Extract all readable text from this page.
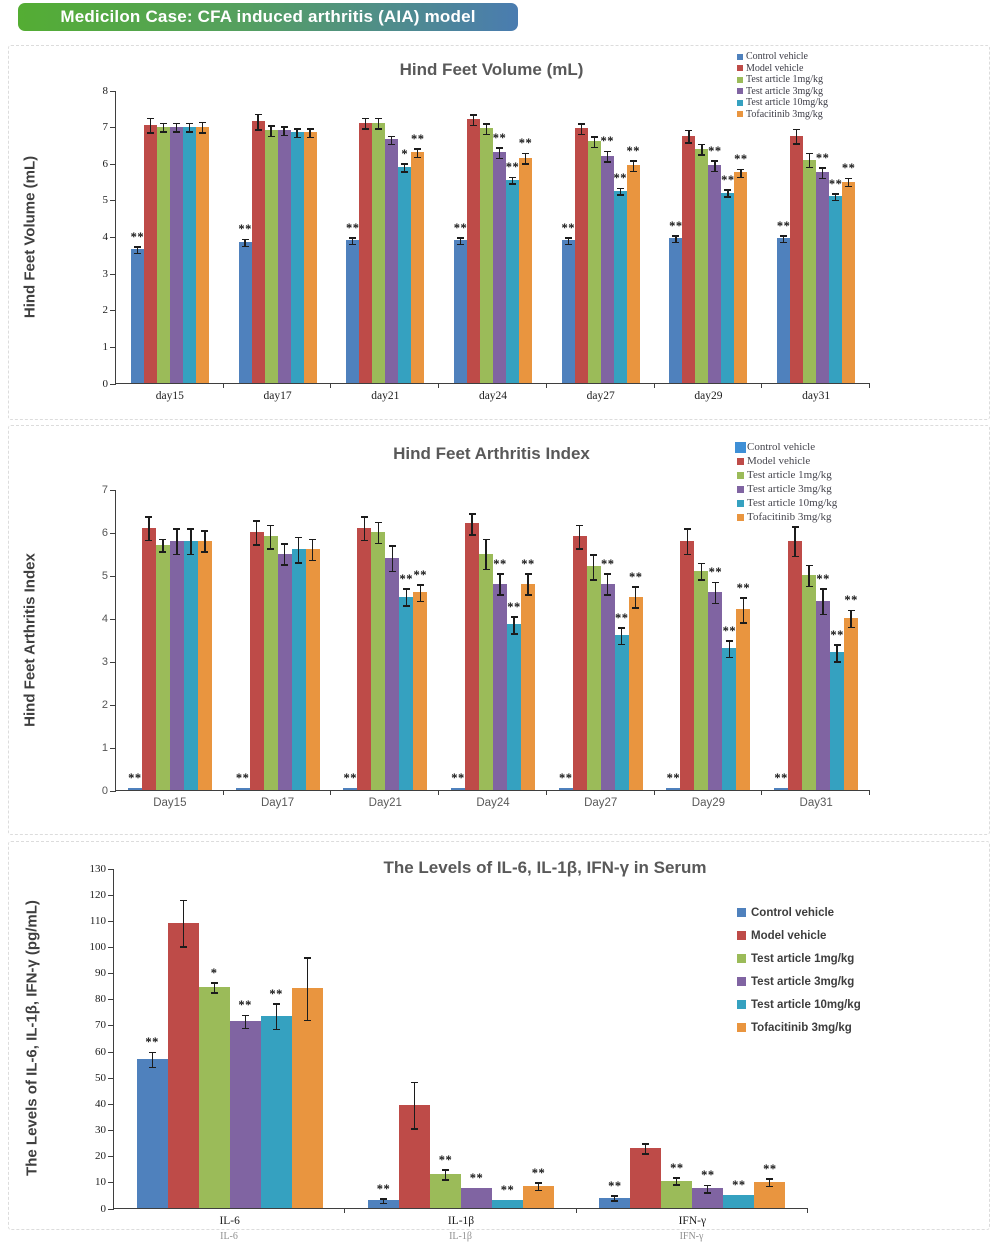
Medicilon Case: CFA induced arthritis (AIA) model
Hind Feet Volume (mL)
Hind Feet Arthritis Index
The Levels of IL-6, IL-1β, IFN-γ in Serum
Hind Feet Volume (mL)
Hind Feet Arthritis Index
The Levels of IL-6, IL-1β, IFN-γ (pg/mL)
0
1
2
3
4
5
6
7
8
day15	day17	day21	day24	day27	day29	day31
**
**	**	**	**	**	**
**	**
**
**
*
**
**	**	**
**	**
**
**
**
0
1
2
3
4
5
6
7
Day15	Day17	Day21	Day24	Day27	Day29	Day31
**	**	**	**	**	**	**
**	**
**	**
**
**
**
**	**
**
**
**
**
**
0
10
20
30
40
50
60
70
80
90
100
110
120
130
IL-6	IL-1β	IFN-γ
**
**	**
*
**
**
**
**	**
**
**	**
**	**
Control vehicle
Model vehicle
Test article 1mg/kg
Test article 3mg/kg
Test article 10mg/kg
Tofacitinib 3mg/kg
Control vehicle
Model vehicle
Test article 1mg/kg
Test article 3mg/kg
Test article 10mg/kg
Tofacitinib 3mg/kg
Control vehicle
Model vehicle
Test article 1mg/kg
Test article 3mg/kg
Test article 10mg/kg
Tofacitinib 3mg/kg
IL-6	IL-1β	IFN-γ
